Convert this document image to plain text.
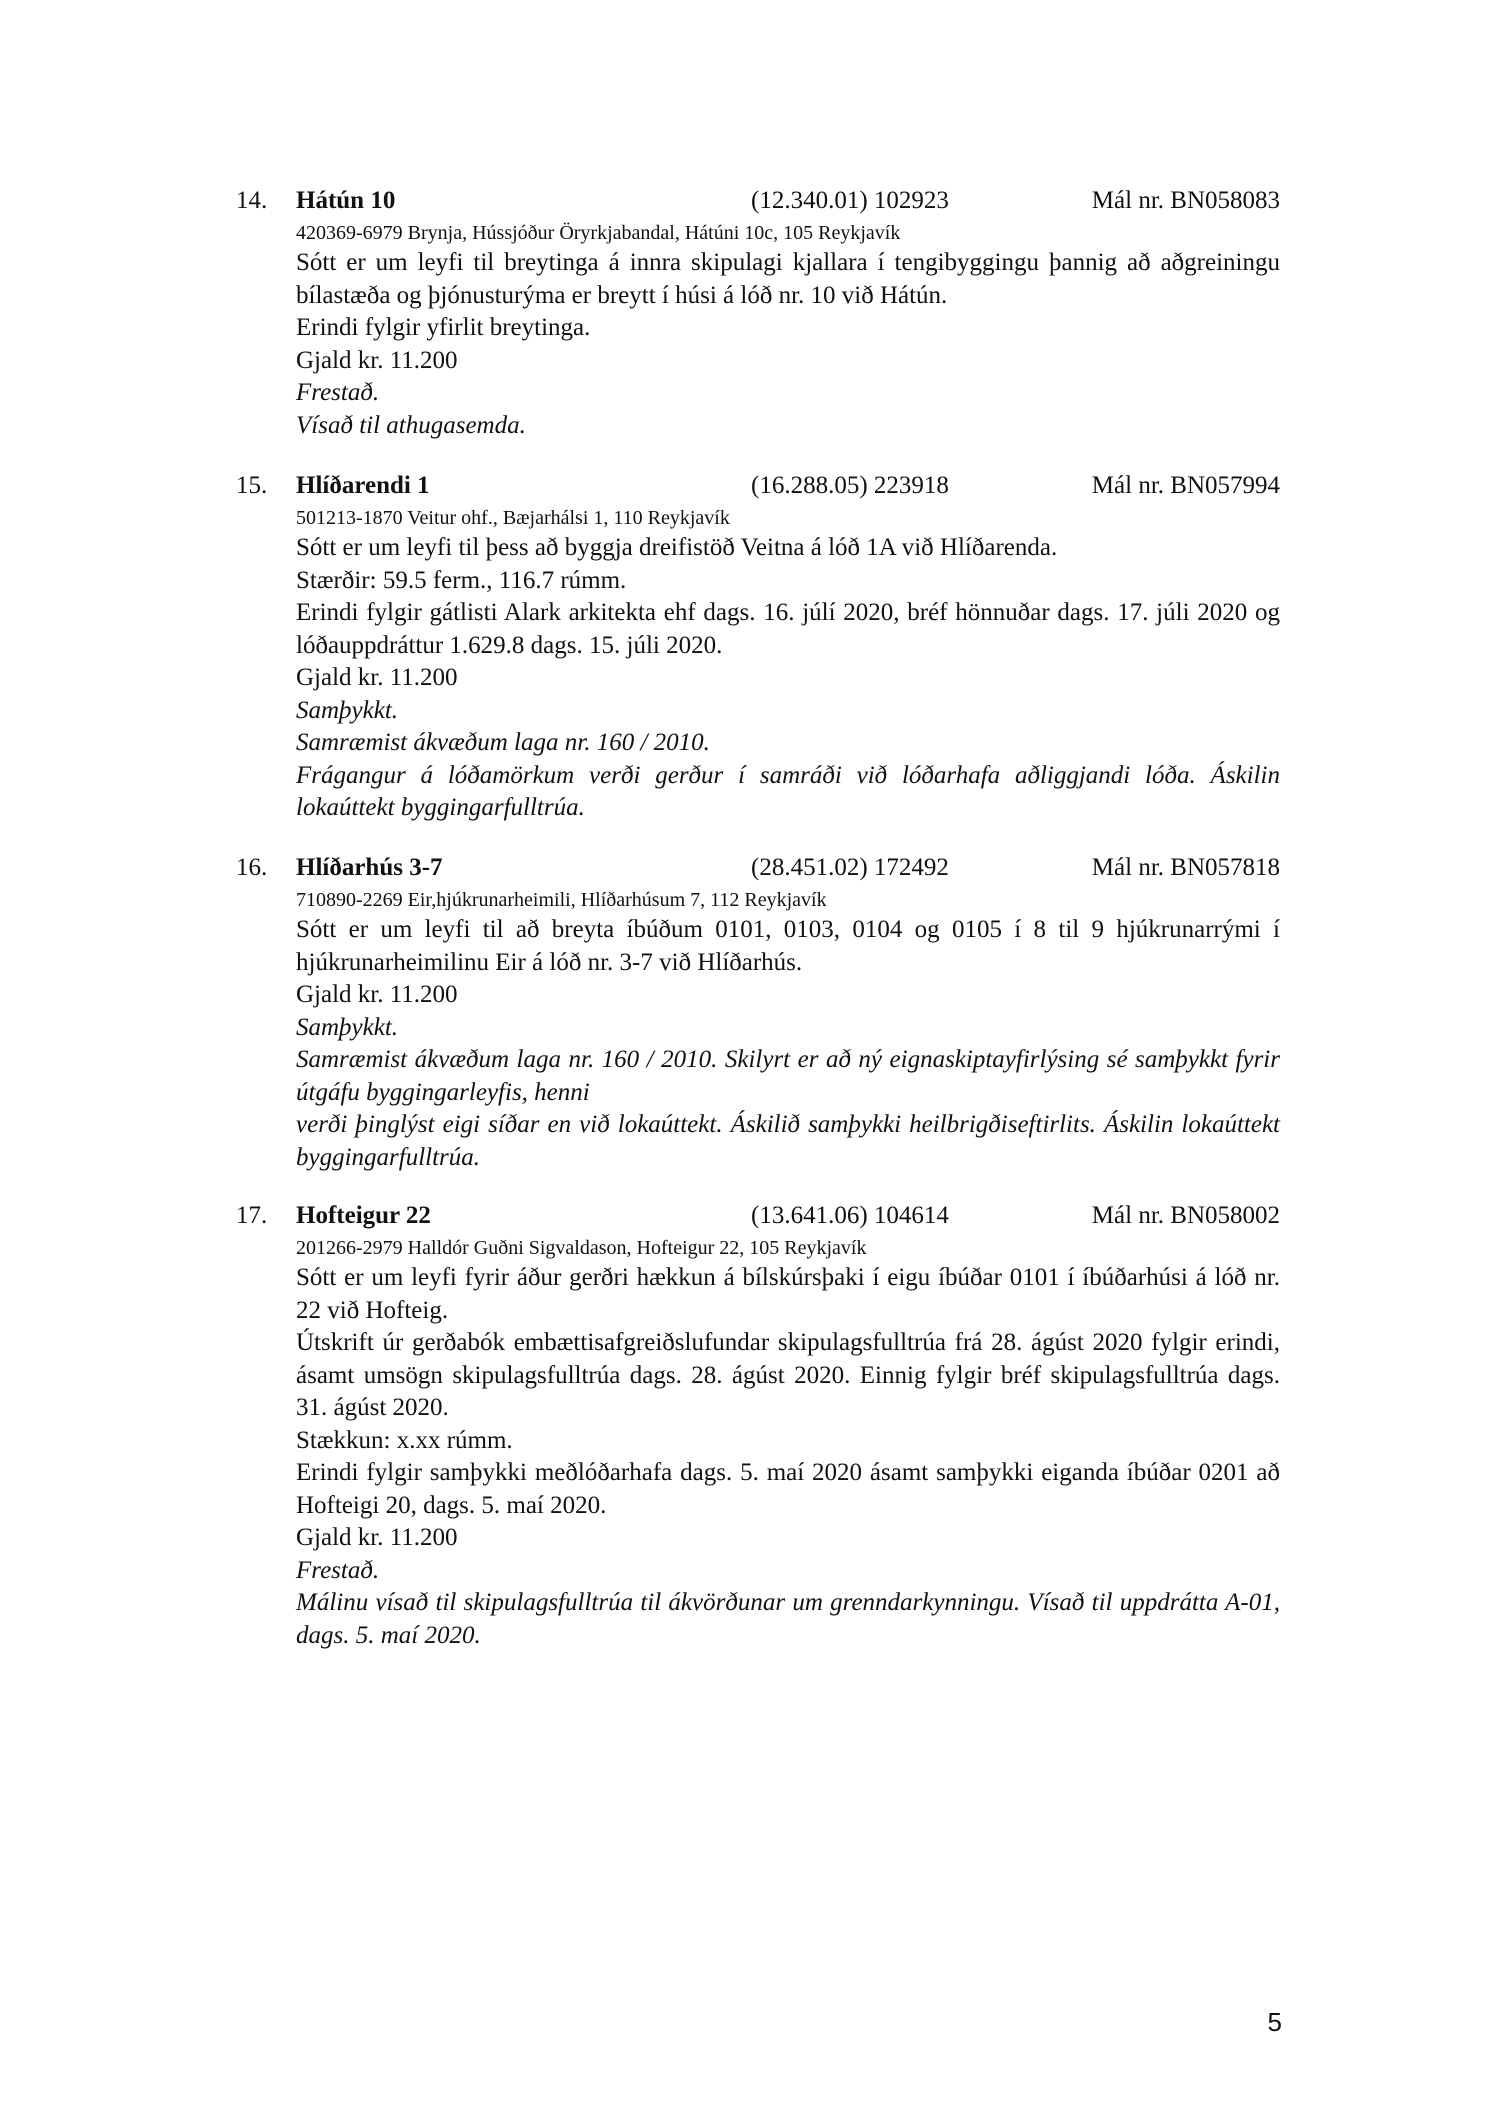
14. Hátún 10	(12.340.01) 102923	Mál nr. BN058083
420369-6979 Brynja, Hússjóður Öryrkjabandal, Hátúni 10c, 105 Reykjavík
Sótt er um leyfi til breytinga á innra skipulagi kjallara í tengibyggingu þannig að aðgreiningu bílastæða og þjónusturýma er breytt í húsi á lóð nr. 10 við Hátún.
Erindi fylgir yfirlit breytinga.
Gjald kr. 11.200
Frestað.
Vísað til athugasemda.
15. Hlíðarendi 1	(16.288.05) 223918	Mál nr. BN057994
501213-1870 Veitur ohf., Bæjarhálsi 1, 110 Reykjavík
Sótt er um leyfi til þess að byggja dreifistöð Veitna á lóð 1A við Hlíðarenda.
Stærðir: 59.5 ferm., 116.7 rúmm.
Erindi fylgir gátlisti Alark arkitekta ehf dags. 16. júlí 2020, bréf hönnuðar dags. 17. júli 2020 og lóðauppdráttur 1.629.8 dags. 15. júli 2020.
Gjald kr. 11.200
Samþykkt.
Samræmist ákvæðum laga nr. 160 / 2010.
Frágangur á lóðamörkum verði gerður í samráði við lóðarhafa aðliggjandi lóða. Áskilin lokaúttekt byggingarfulltrúa.
16. Hlíðarhús 3-7	(28.451.02) 172492	Mál nr. BN057818
710890-2269 Eir,hjúkrunarheimili, Hlíðarhúsum 7, 112 Reykjavík
Sótt er um leyfi til að breyta íbúðum 0101, 0103, 0104 og 0105 í 8 til 9 hjúkrunarrými í hjúkrunarheimilinu Eir á lóð nr. 3-7 við Hlíðarhús.
Gjald kr. 11.200
Samþykkt.
Samræmist ákvæðum laga nr. 160 / 2010. Skilyrt er að ný eignaskiptayfirlýsing sé samþykkt fyrir útgáfu byggingarleyfis, henni
verði þinglýst eigi síðar en við lokaúttekt. Áskilið samþykki heilbrigðiseftirlits. Áskilin lokaúttekt byggingarfulltrúa.
17. Hofteigur 22	(13.641.06) 104614	Mál nr. BN058002
201266-2979 Halldór Guðni Sigvaldason, Hofteigur 22, 105 Reykjavík
Sótt er um leyfi fyrir áður gerðri hækkun á bílskúrsþaki í eigu íbúðar 0101 í íbúðarhúsi á lóð nr. 22 við Hofteig.
Útskrift úr gerðabók embættisafgreiðslufundar skipulagsfulltrúa frá 28. ágúst 2020 fylgir erindi, ásamt umsögn skipulagsfulltrúa dags. 28. ágúst 2020. Einnig fylgir bréf skipulagsfulltrúa dags. 31. ágúst 2020.
Stækkun: x.xx rúmm.
Erindi fylgir samþykki meðlóðarhafa dags. 5. maí 2020 ásamt samþykki eiganda íbúðar 0201 að Hofteigi 20, dags. 5. maí 2020.
Gjald kr. 11.200
Frestað.
Málinu vísað til skipulagsfulltrúa til ákvörðunar um grenndarkynningu. Vísað til uppdrátta A-01, dags. 5. maí 2020.
5
